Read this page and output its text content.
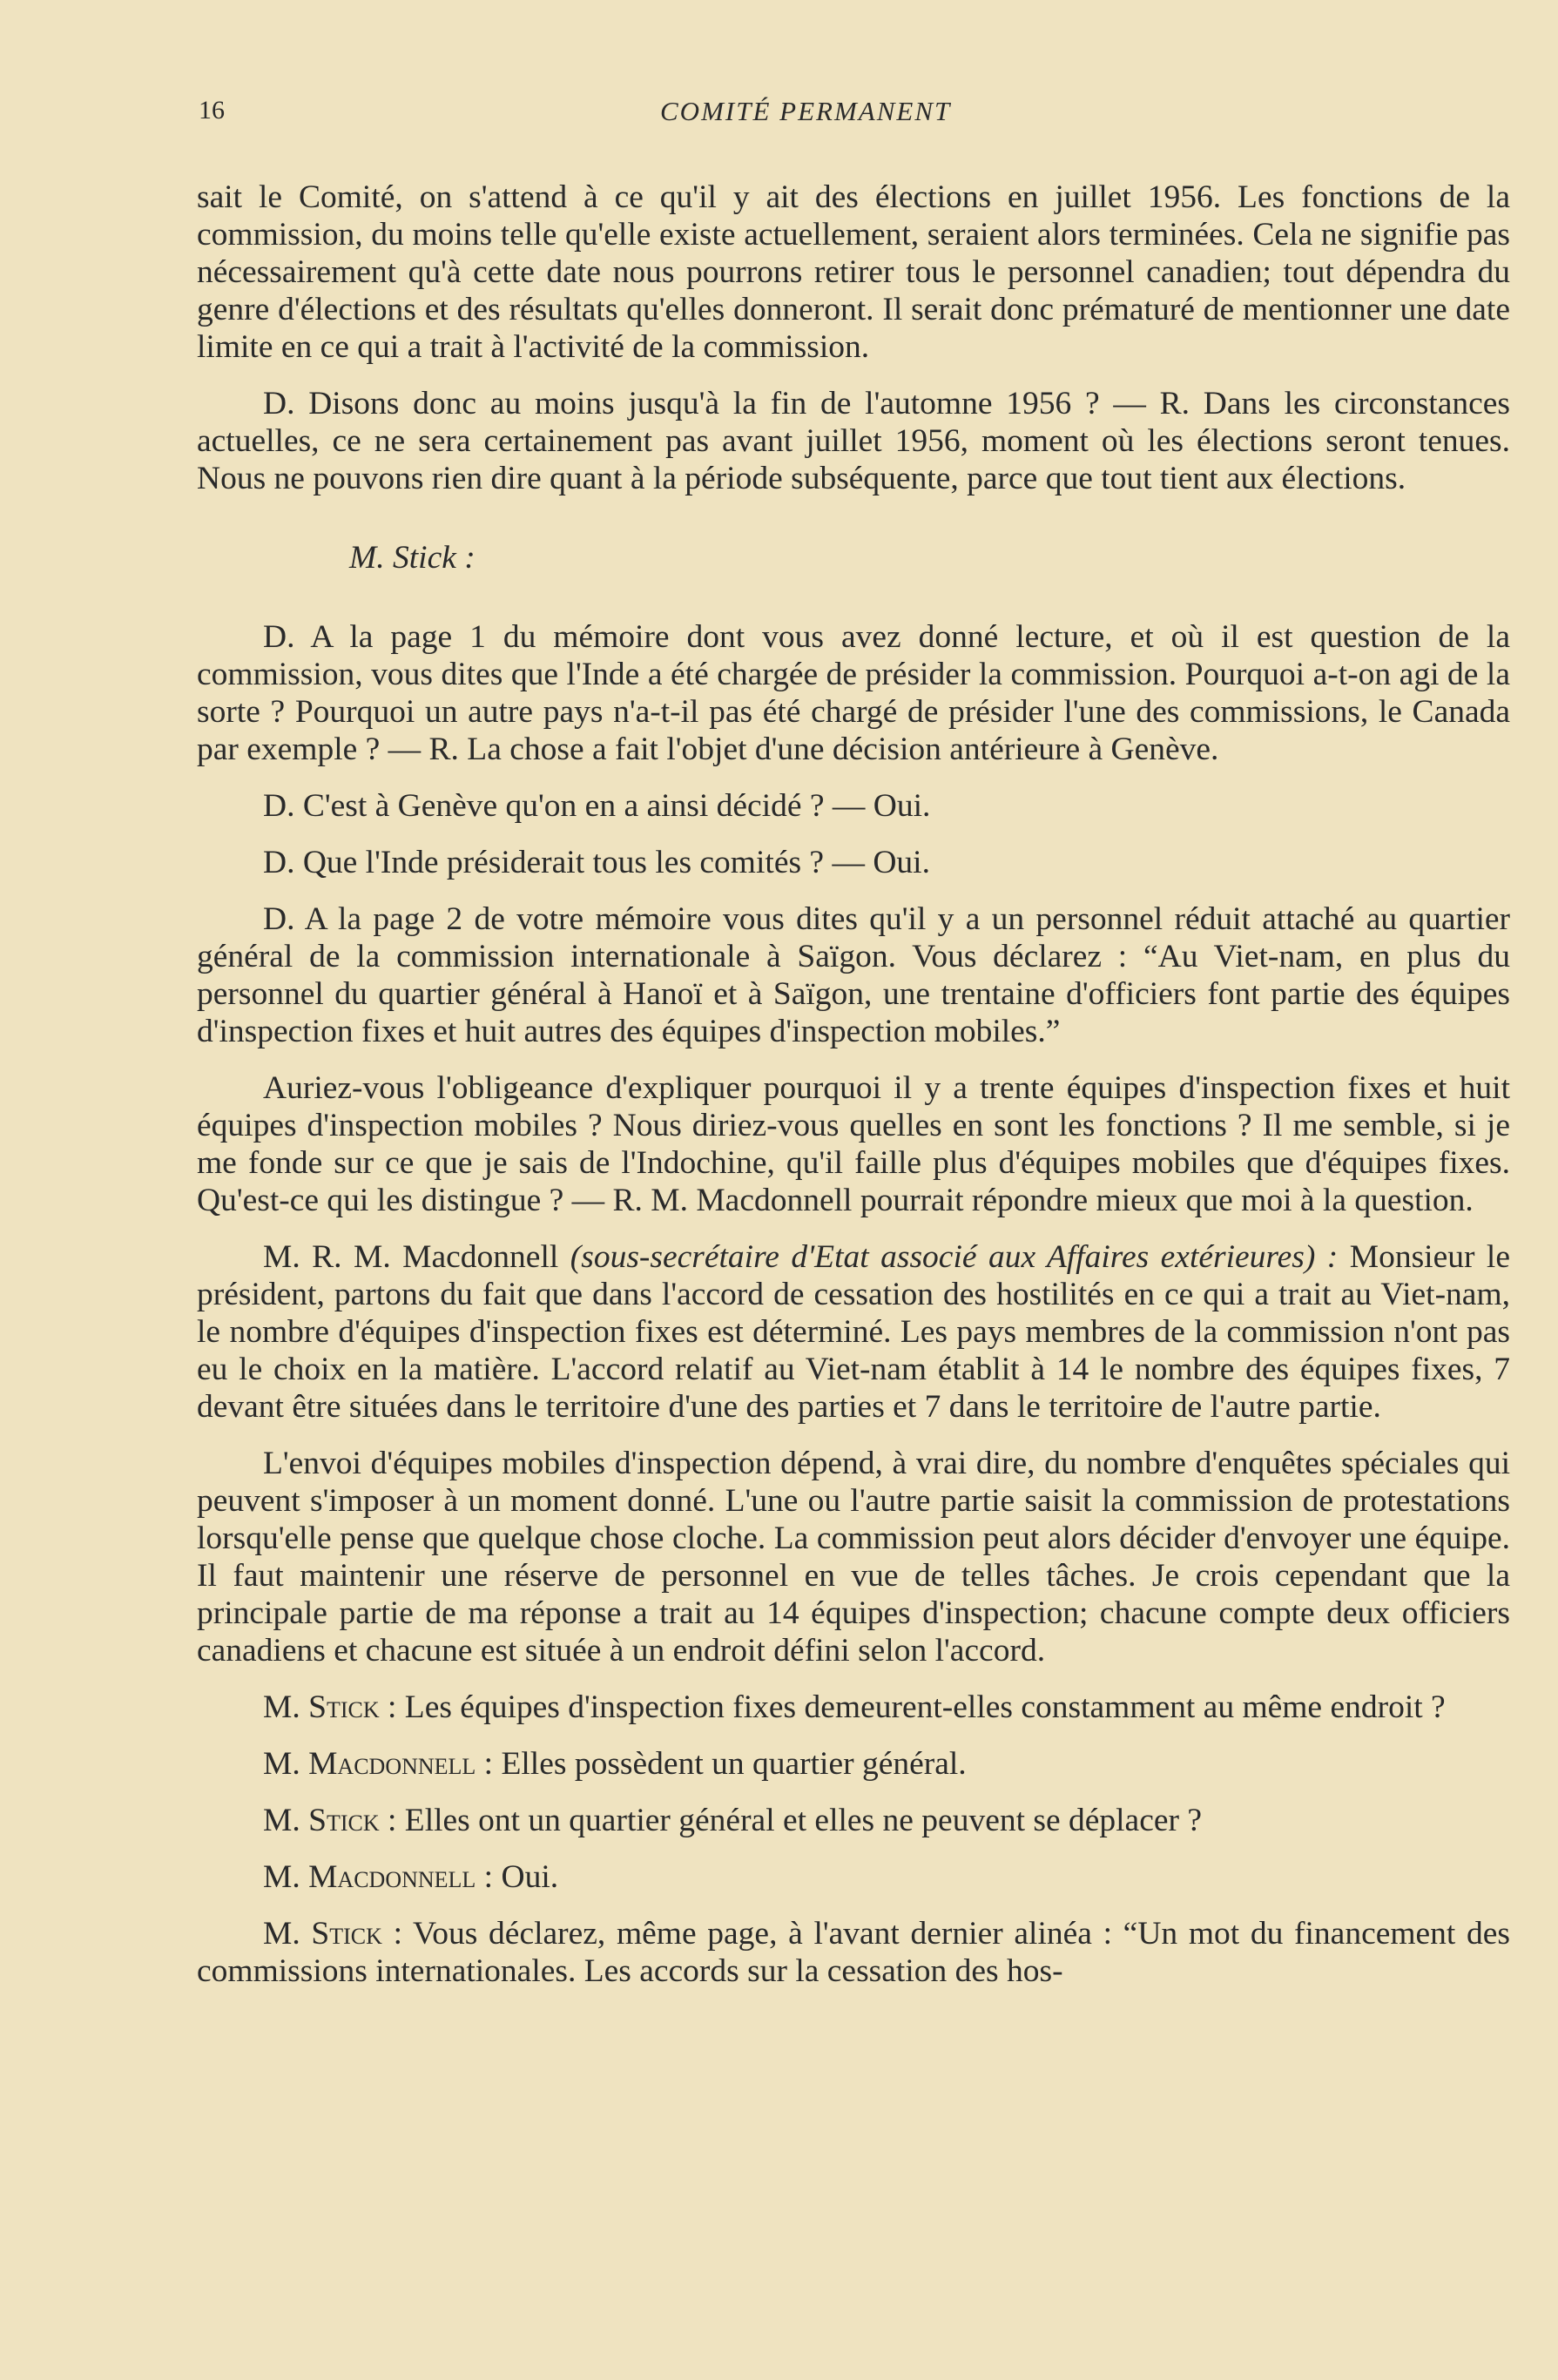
16	COMITÉ PERMANENT

sait le Comité, on s'attend à ce qu'il y ait des élections en juillet 1956. Les fonctions de la commission, du moins telle qu'elle existe actuellement, seraient alors terminées. Cela ne signifie pas nécessairement qu'à cette date nous pourrons retirer tous le personnel canadien; tout dépendra du genre d'élections et des résultats qu'elles donneront. Il serait donc prématuré de mentionner une date limite en ce qui a trait à l'activité de la commission.

D. Disons donc au moins jusqu'à la fin de l'automne 1956 ? — R. Dans les circonstances actuelles, ce ne sera certainement pas avant juillet 1956, moment où les élections seront tenues. Nous ne pouvons rien dire quant à la période subséquente, parce que tout tient aux élections.

M. Stick :

D. A la page 1 du mémoire dont vous avez donné lecture, et où il est question de la commission, vous dites que l'Inde a été chargée de présider la commission. Pourquoi a-t-on agi de la sorte ? Pourquoi un autre pays n'a-t-il pas été chargé de présider l'une des commissions, le Canada par exemple ? — R. La chose a fait l'objet d'une décision antérieure à Genève.

D. C'est à Genève qu'on en a ainsi décidé ? — Oui.

D. Que l'Inde présiderait tous les comités ? — Oui.

D. A la page 2 de votre mémoire vous dites qu'il y a un personnel réduit attaché au quartier général de la commission internationale à Saïgon. Vous déclarez : “Au Viet-nam, en plus du personnel du quartier général à Hanoï et à Saïgon, une trentaine d'officiers font partie des équipes d'inspection fixes et huit autres des équipes d'inspection mobiles.”

Auriez-vous l'obligeance d'expliquer pourquoi il y a trente équipes d'inspection fixes et huit équipes d'inspection mobiles ? Nous diriez-vous quelles en sont les fonctions ? Il me semble, si je me fonde sur ce que je sais de l'Indochine, qu'il faille plus d'équipes mobiles que d'équipes fixes. Qu'est-ce qui les distingue ? — R. M. Macdonnell pourrait répondre mieux que moi à la question.

M. R. M. Macdonnell (sous-secrétaire d'Etat associé aux Affaires extérieures) : Monsieur le président, partons du fait que dans l'accord de cessation des hostilités en ce qui a trait au Viet-nam, le nombre d'équipes d'inspection fixes est déterminé. Les pays membres de la commission n'ont pas eu le choix en la matière. L'accord relatif au Viet-nam établit à 14 le nombre des équipes fixes, 7 devant être situées dans le territoire d'une des parties et 7 dans le territoire de l'autre partie.

L'envoi d'équipes mobiles d'inspection dépend, à vrai dire, du nombre d'enquêtes spéciales qui peuvent s'imposer à un moment donné. L'une ou l'autre partie saisit la commission de protestations lorsqu'elle pense que quelque chose cloche. La commission peut alors décider d'envoyer une équipe. Il faut maintenir une réserve de personnel en vue de telles tâches. Je crois cependant que la principale partie de ma réponse a trait au 14 équipes d'inspection; chacune compte deux officiers canadiens et chacune est située à un endroit défini selon l'accord.

M. Stick : Les équipes d'inspection fixes demeurent-elles constamment au même endroit ?

M. Macdonnell : Elles possèdent un quartier général.

M. Stick : Elles ont un quartier général et elles ne peuvent se déplacer ?

M. Macdonnell : Oui.

M. Stick : Vous déclarez, même page, à l'avant dernier alinéa : “Un mot du financement des commissions internationales. Les accords sur la cessation des hos-
